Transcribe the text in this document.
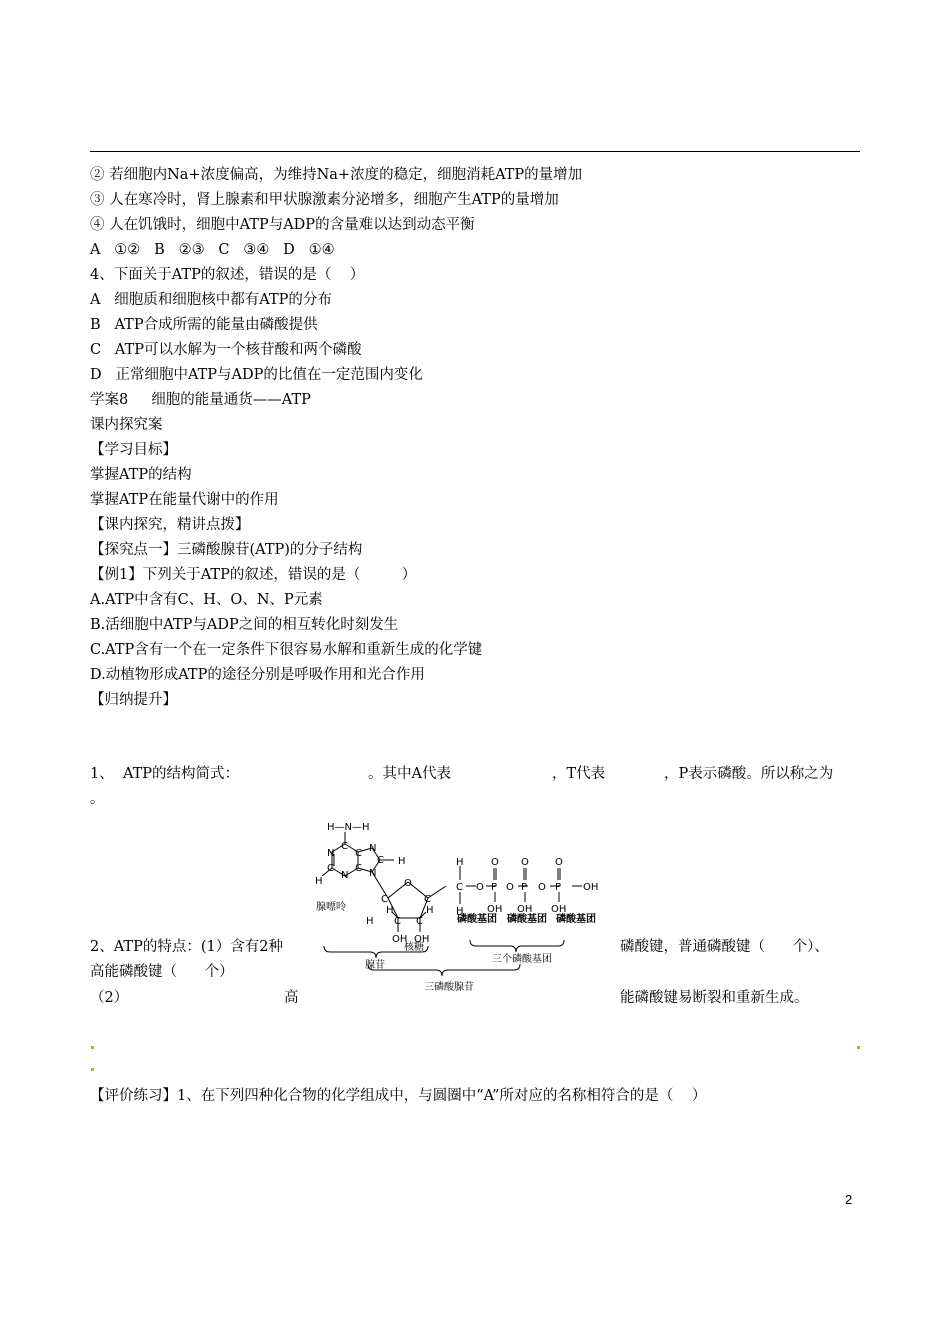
② 若细胞内Na+浓度偏高，为维持Na+浓度的稳定，细胞消耗ATP的量增加
③ 人在寒冷时，肾上腺素和甲状腺激素分泌增多，细胞产生ATP的量增加
④ 人在饥饿时，细胞中ATP与ADP的含量难以达到动态平衡
A   ①②   B   ②③   C   ③④   D   ①④
4、下面关于ATP的叙述，错误的是（    ）
A   细胞质和细胞核中都有ATP的分布
B   ATP合成所需的能量由磷酸提供
C   ATP可以水解为一个核苷酸和两个磷酸
D   正常细胞中ATP与ADP的比值在一定范围内变化
学案8     细胞的能量通货——ATP
课内探究案
【学习目标】
掌握ATP的结构
掌握ATP在能量代谢中的作用
【课内探究，精讲点拨】
【探究点一】三磷酸腺苷(ATP)的分子结构
【例1】下列关于ATP的叙述，错误的是（         ）
A.ATP中含有C、H、O、N、P元素
B.活细胞中ATP与ADP之间的相互转化时刻发生
C.ATP含有一个在一定条件下很容易水解和重新生成的化学键
D.动植物形成ATP的途径分别是呼吸作用和光合作用
【归纳提升】
1、  ATP的结构简式：	。其中A代表	，T代表	，P表示磷酸。所以称之为
。
H—N—H
C
N
C
N
C
C
N
C H
N
H
腺嘌呤
O
C	C
H
H	H
C C
OH OH
核糖
H
C
H
O P O P O P OH
O O	O
OH OH OH
磷酸基团 磷酸基团 磷酸基团
腺苷
三个磷酸基团
三磷酸腺苷
2、ATP的特点：(1）含有2种	磷酸键，普通磷酸键（      个）、
高能磷酸键（      个）
（2）	高	能磷酸键易断裂和重新生成。
【评价练习】1、在下列四种化合物的化学组成中，与圆圈中“A”所对应的名称相符合的是（    ）
2
